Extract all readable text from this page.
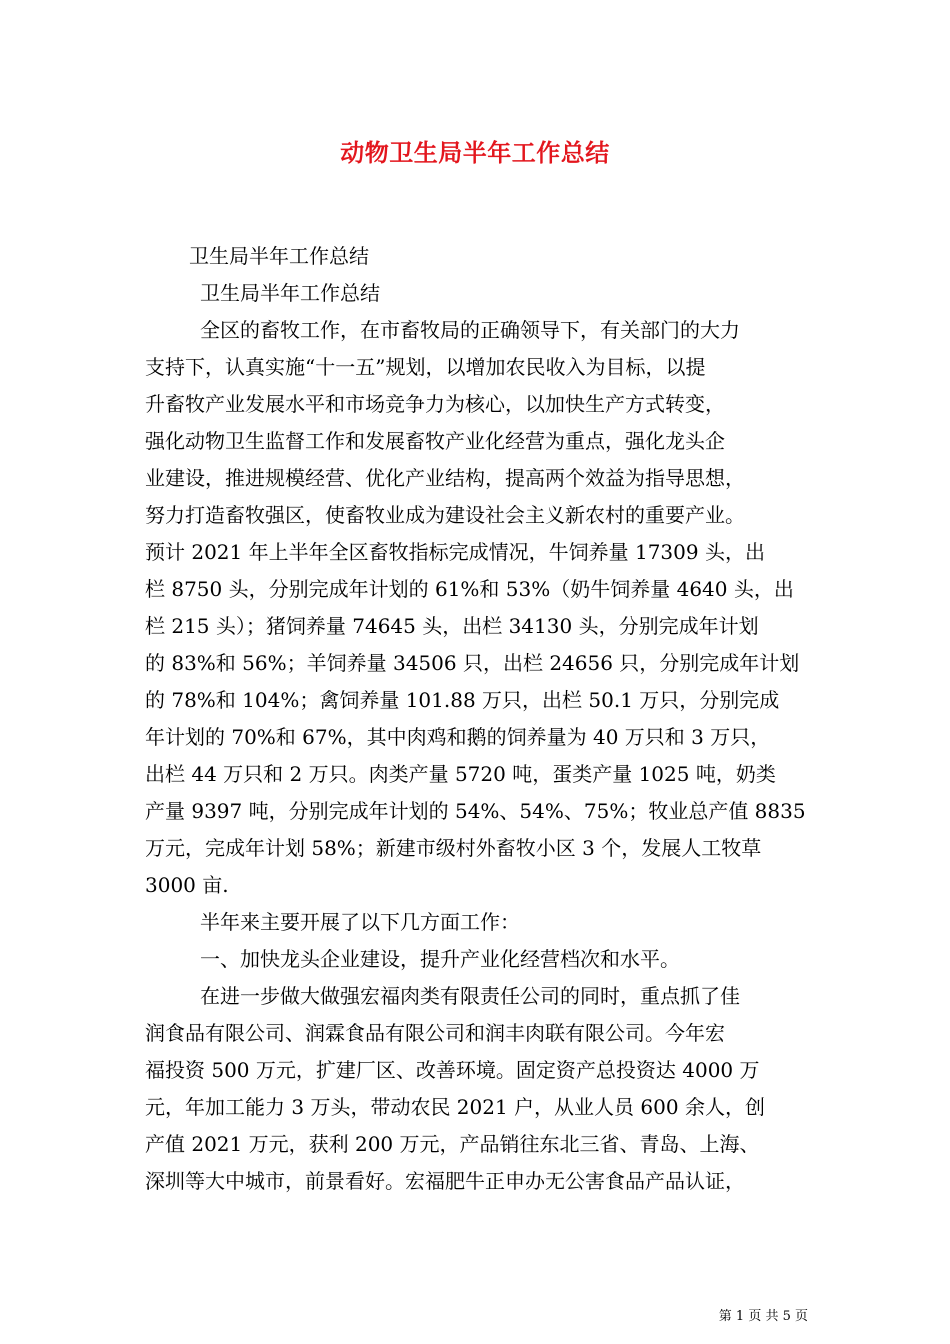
动物卫生局半年工作总结
卫生局半年工作总结
卫生局半年工作总结
全区的畜牧工作，在市畜牧局的正确领导下，有关部门的大力
支持下，认真实施“十一五”规划，以增加农民收入为目标，以提
升畜牧产业发展水平和市场竞争力为核心，以加快生产方式转变，
强化动物卫生监督工作和发展畜牧产业化经营为重点，强化龙头企
业建设，推进规模经营、优化产业结构，提高两个效益为指导思想，
努力打造畜牧强区，使畜牧业成为建设社会主义新农村的重要产业。
预计 2021 年上半年全区畜牧指标完成情况，牛饲养量 17309 头，出
栏 8750 头，分别完成年计划的 61%和 53%（奶牛饲养量 4640 头，出
栏 215 头）；猪饲养量 74645 头，出栏 34130 头，分别完成年计划
的 83%和 56%；羊饲养量 34506 只，出栏 24656 只，分别完成年计划
的 78%和 104%；禽饲养量 101.88 万只，出栏 50.1 万只，分别完成
年计划的 70%和 67%，其中肉鸡和鹅的饲养量为 40 万只和 3 万只，
出栏 44 万只和 2 万只。肉类产量 5720 吨，蛋类产量 1025 吨，奶类
产量 9397 吨，分别完成年计划的 54%、54%、75%；牧业总产值 8835
万元，完成年计划 58%；新建市级村外畜牧小区 3 个，发展人工牧草
3000 亩.
半年来主要开展了以下几方面工作：
一、加快龙头企业建设，提升产业化经营档次和水平。
在进一步做大做强宏福肉类有限责任公司的同时，重点抓了佳
润食品有限公司、润霖食品有限公司和润丰肉联有限公司。今年宏
福投资 500 万元，扩建厂区、改善环境。固定资产总投资达 4000 万
元，年加工能力 3 万头，带动农民 2021 户，从业人员 600 余人，创
产值 2021 万元，获利 200 万元，产品销往东北三省、青岛、上海、
深圳等大中城市，前景看好。宏福肥牛正申办无公害食品产品认证，
第 1 页 共 5 页
